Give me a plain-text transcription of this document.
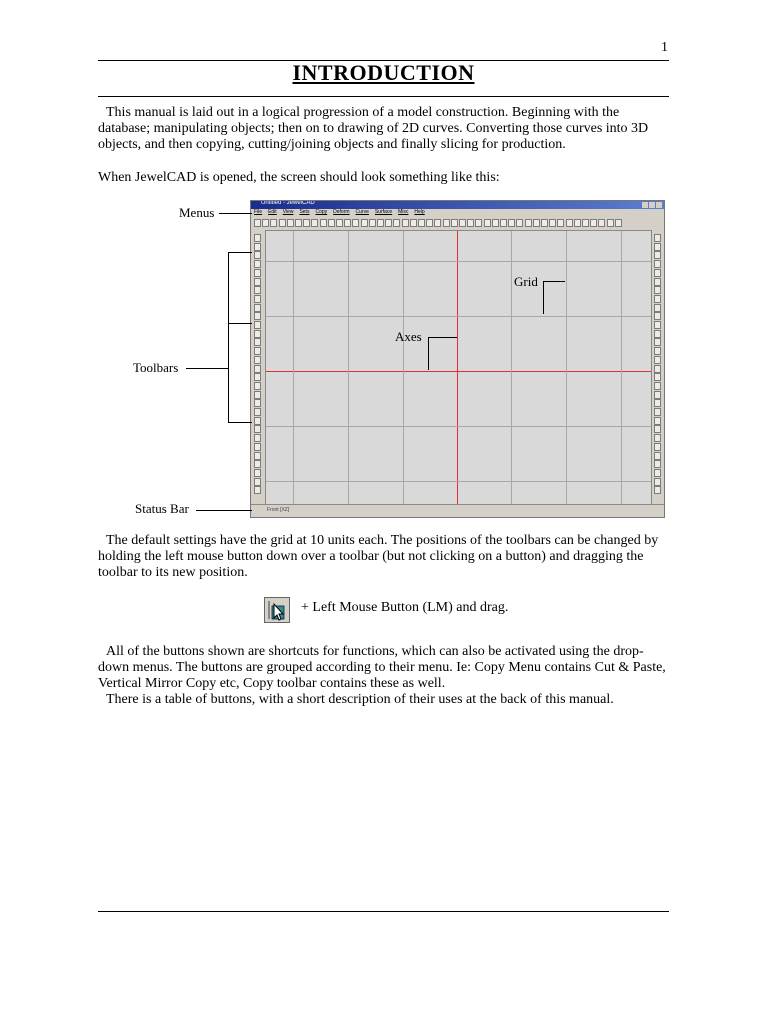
1
INTRODUCTION
This manual is laid out in a logical progression of a model construction. Beginning with the database; manipulating objects; then on to drawing of 2D curves. Converting those curves into 3D objects, and then copying, cutting/joining objects and finally slicing for production.
When JewelCAD is opened, the screen should look something like this:
Untitled - JewelCAD
File Edit View Sets Copy Deform Curve Surface Misc Help
Front [XZ]
Menus
Toolbars
Status Bar
Grid
Axes
The default settings have the grid at 10 units each. The positions of the toolbars can be changed by holding the left mouse button down over a toolbar (but not clicking on a button) and dragging the toolbar to its new position.
+ Left Mouse Button (LM) and drag.
All of the buttons shown are shortcuts for functions, which can also be activated using the drop-down menus. The buttons are grouped according to their menu. Ie: Copy Menu contains Cut & Paste, Vertical Mirror Copy etc, Copy toolbar contains these as well.
There is a table of buttons, with a short description of their uses at the back of this manual.
